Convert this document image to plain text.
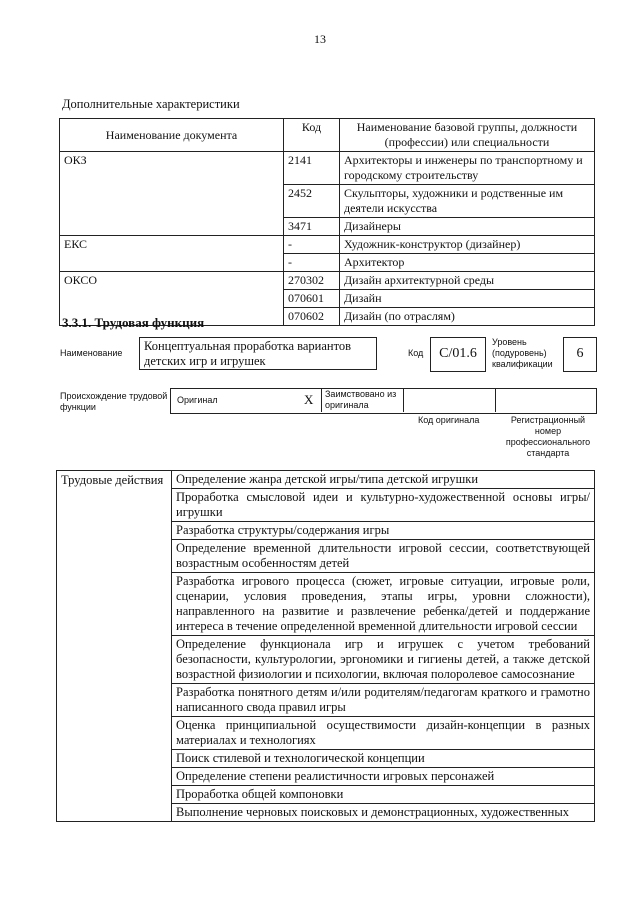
13
Дополнительные характеристики
Наименование документа	Код	Наименование базовой группы, должности (профессии) или специальности
ОКЗ	2141	Архитекторы и инженеры по транспортному и городскому строительству
	2452	Скульпторы, художники и родственные им деятели искусства
	3471	Дизайнеры
ЕКС	-	Художник-конструктор (дизайнер)
	-	Архитектор
ОКСО	270302	Дизайн архитектурной среды
	070601	Дизайн
	070602	Дизайн (по отраслям)
3.3.1. Трудовая функция
Наименование	Концептуальная проработка вариантов детских игр и игрушек
Код	С/01.6
Уровень (подуровень) квалификации
6
Происхождение трудовой функции
Оригинал	X Заимствовано из оригинала
Код оригинала	Регистрационный номер профессионального стандарта
Трудовые действия	Определение жанра детской игры/типа детской игрушки
Проработка смысловой идеи и культурно-художественной основы игры/игрушки
Разработка структуры/содержания игры
Определение временной длительности игровой сессии, соответствующей возрастным особенностям детей
Разработка игрового процесса (сюжет, игровые ситуации, игровые роли, сценарии, условия проведения, этапы игры, уровни сложности), направленного на развитие и развлечение ребенка/детей и поддержание интереса в течение определенной временной длительности игровой сессии
Определение функционала игр и игрушек с учетом требований безопасности, культурологии, эргономики и гигиены детей, а также детской возрастной физиологии и психологии, включая полоролевое самосознание
Разработка понятного детям и/или родителям/педагогам краткого и грамотно написанного свода правил игры
Оценка принципиальной осуществимости дизайн-концепции в разных материалах и технологиях
Поиск стилевой и технологической концепции
Определение степени реалистичности игровых персонажей
Проработка общей компоновки
Выполнение черновых поисковых и демонстрационных, художественных
